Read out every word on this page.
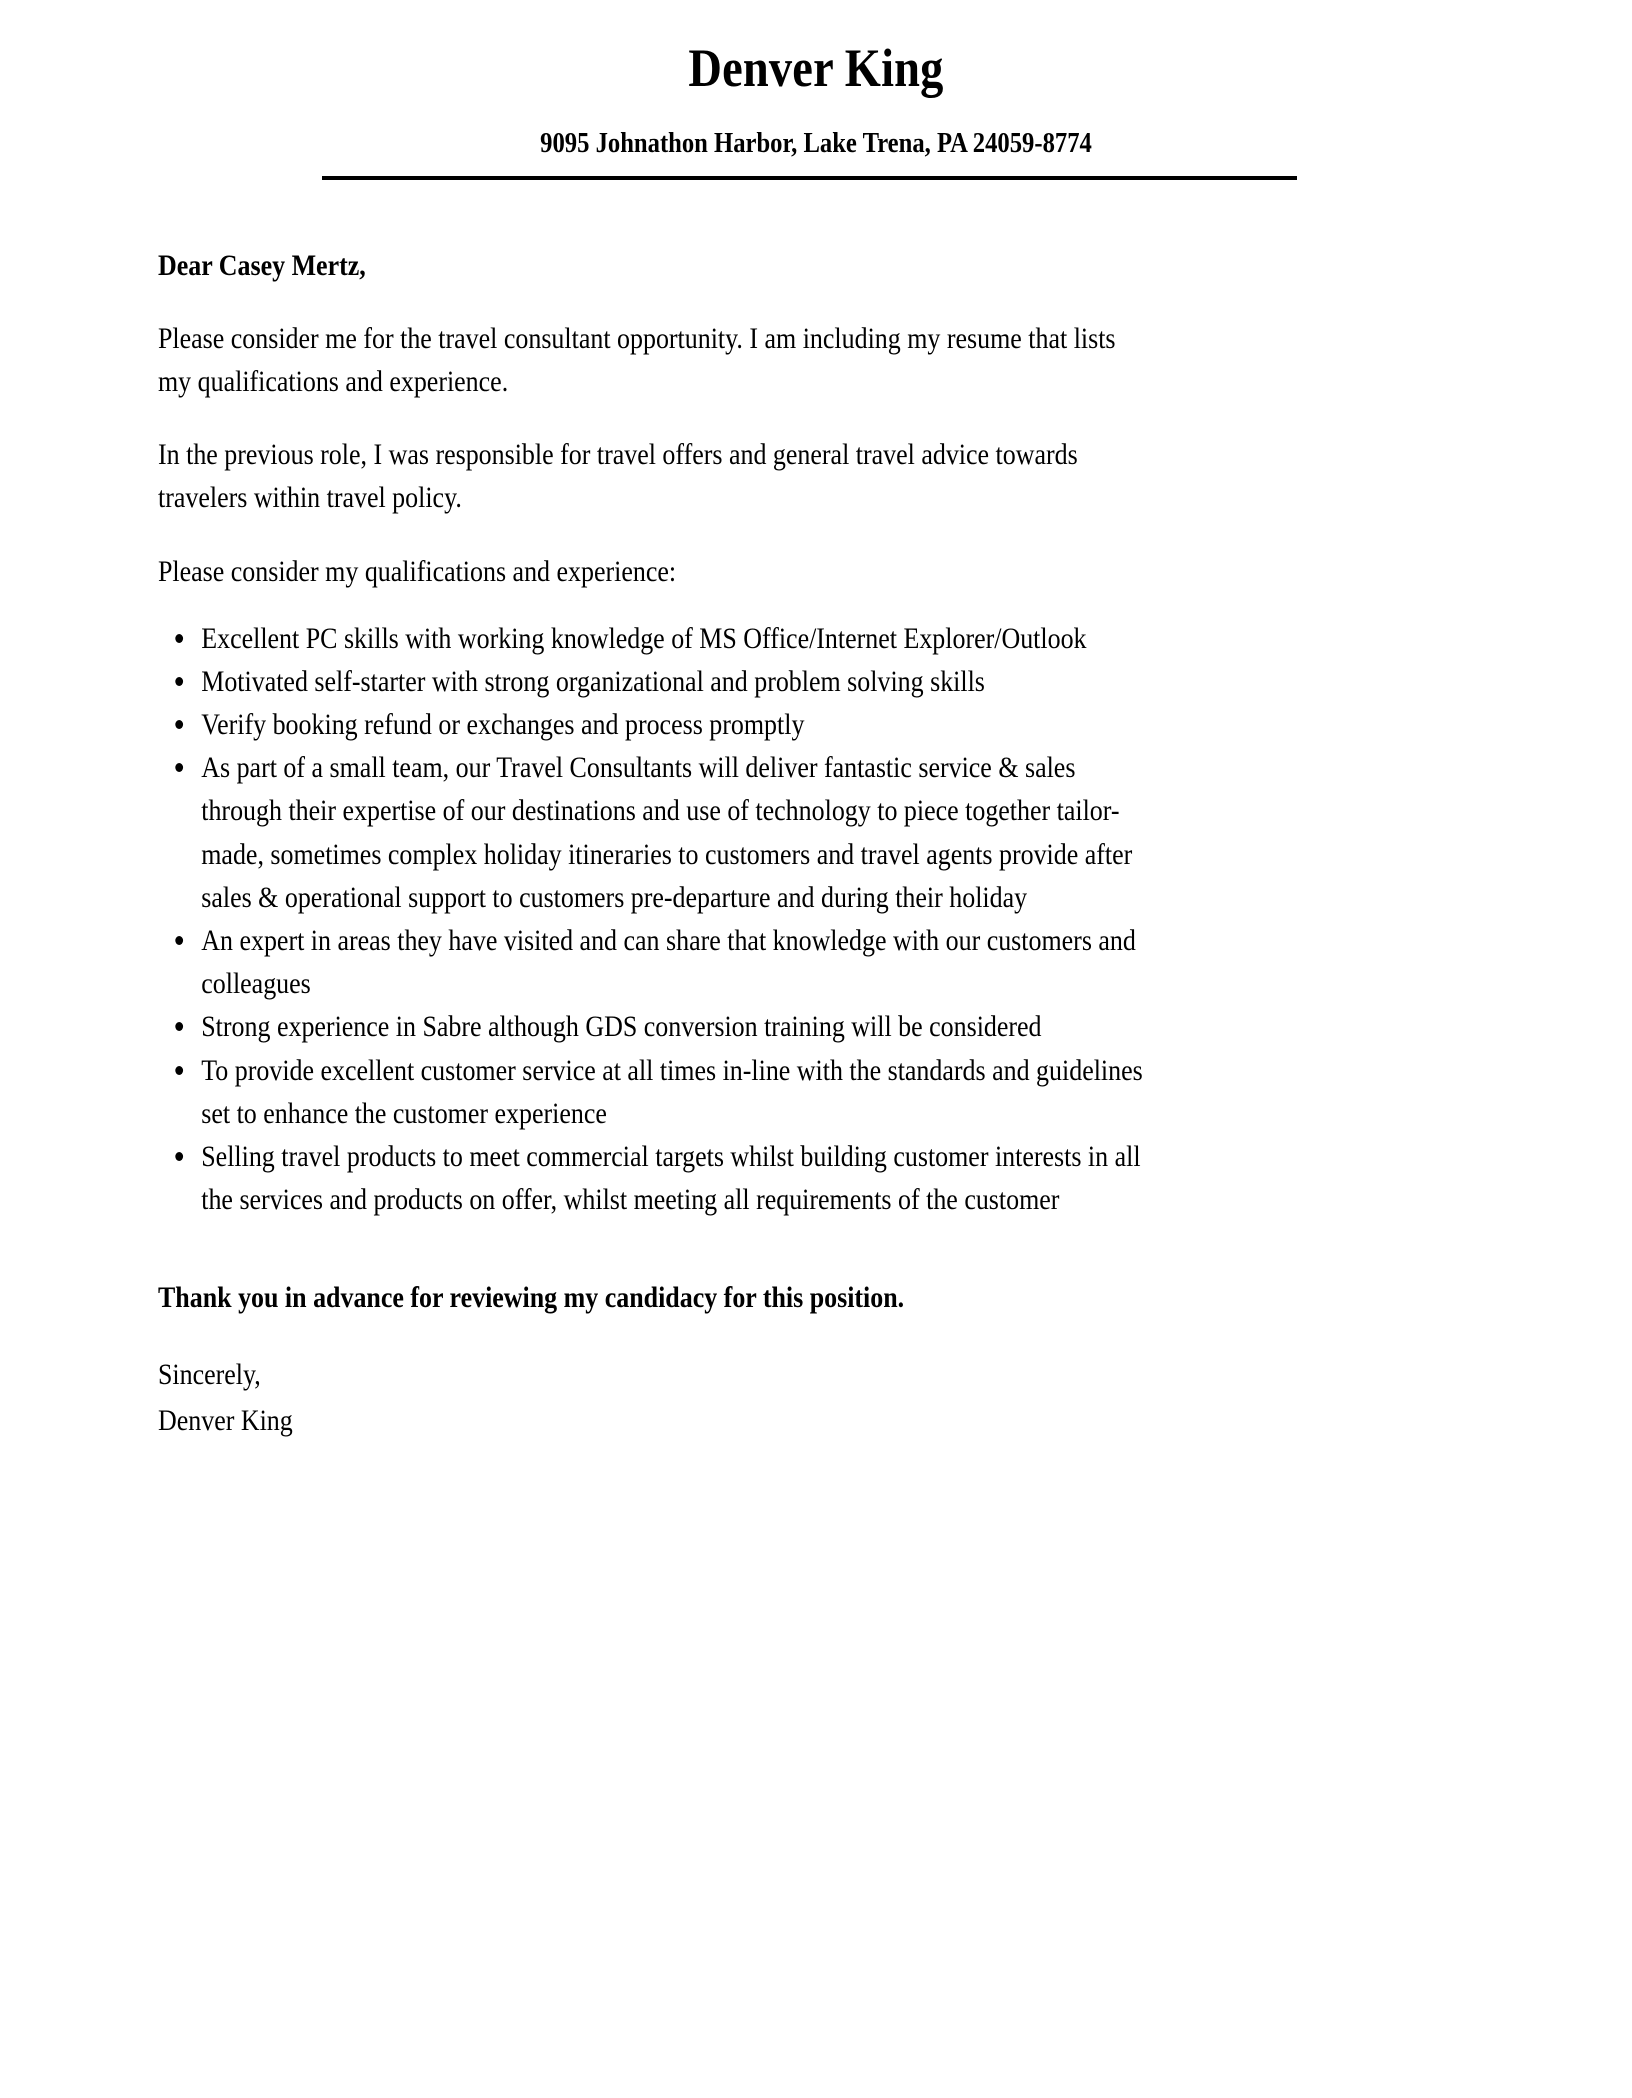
Denver King
9095 Johnathon Harbor, Lake Trena, PA 24059-8774

Dear Casey Mertz,

Please consider me for the travel consultant opportunity. I am including my resume that lists my qualifications and experience.

In the previous role, I was responsible for travel offers and general travel advice towards travelers within travel policy.

Please consider my qualifications and experience:

Excellent PC skills with working knowledge of MS Office/Internet Explorer/Outlook
Motivated self-starter with strong organizational and problem solving skills
Verify booking refund or exchanges and process promptly
As part of a small team, our Travel Consultants will deliver fantastic service & sales through their expertise of our destinations and use of technology to piece together tailor-made, sometimes complex holiday itineraries to customers and travel agents provide after sales & operational support to customers pre-departure and during their holiday
An expert in areas they have visited and can share that knowledge with our customers and colleagues
Strong experience in Sabre although GDS conversion training will be considered
To provide excellent customer service at all times in-line with the standards and guidelines set to enhance the customer experience
Selling travel products to meet commercial targets whilst building customer interests in all the services and products on offer, whilst meeting all requirements of the customer

Thank you in advance for reviewing my candidacy for this position.

Sincerely,

Denver King
